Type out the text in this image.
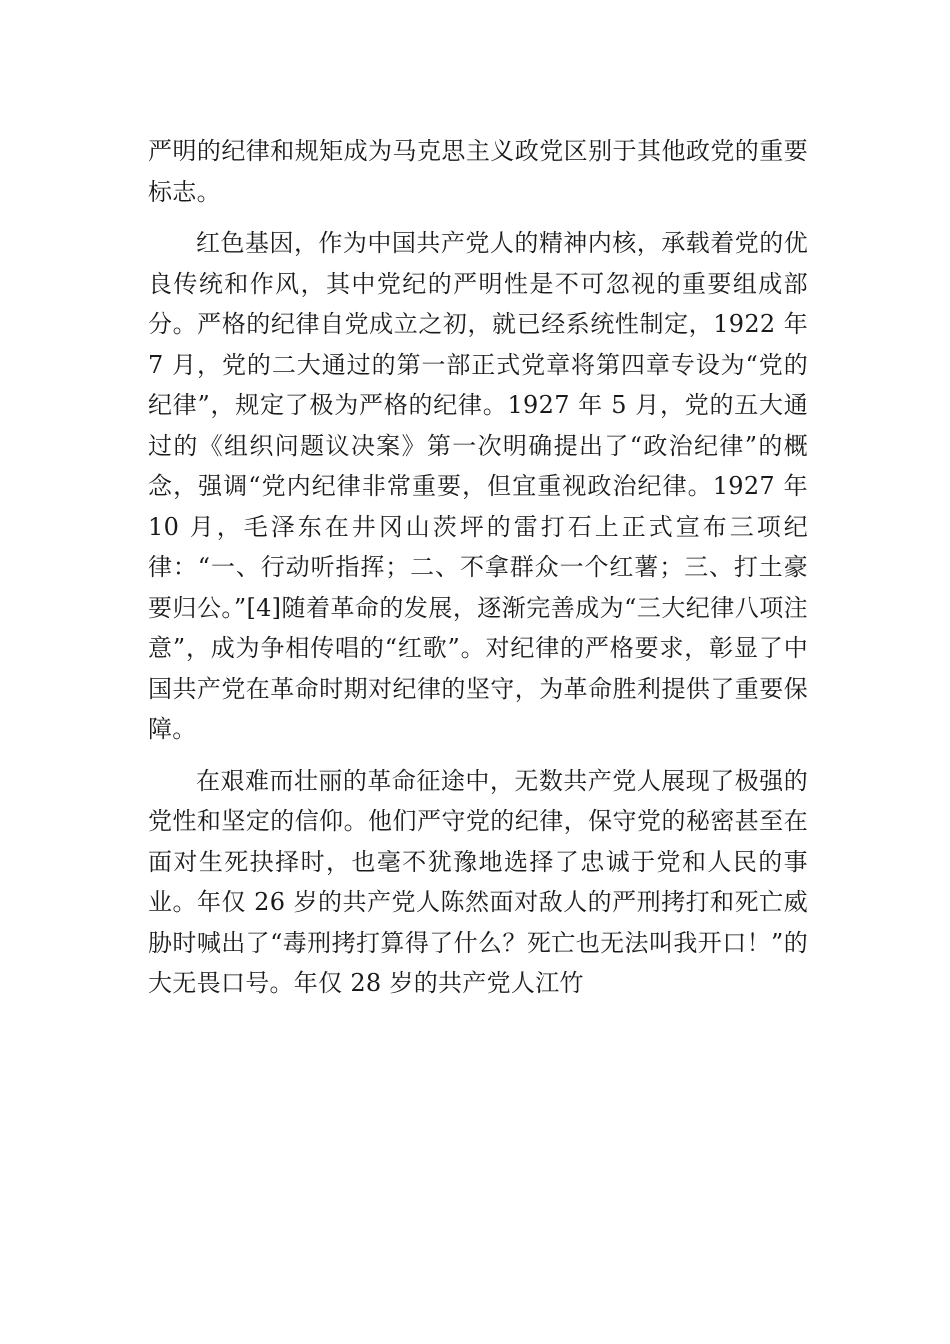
严明的纪律和规矩成为马克思主义政党区别于其他政党的重要标志。

红色基因，作为中国共产党人的精神内核，承载着党的优良传统和作风，其中党纪的严明性是不可忽视的重要组成部分。严格的纪律自党成立之初，就已经系统性制定，1922 年 7 月，党的二大通过的第一部正式党章将第四章专设为“党的纪律”，规定了极为严格的纪律。1927 年 5 月，党的五大通过的《组织问题议决案》第一次明确提出了“政治纪律”的概念，强调“党内纪律非常重要，但宜重视政治纪律。1927 年 10 月，毛泽东在井冈山茨坪的雷打石上正式宣布三项纪律：“一、行动听指挥；二、不拿群众一个红薯；三、打土豪要归公。”[4]随着革命的发展，逐渐完善成为“三大纪律八项注意”，成为争相传唱的“红歌”。对纪律的严格要求，彰显了中国共产党在革命时期对纪律的坚守，为革命胜利提供了重要保障。

在艰难而壮丽的革命征途中，无数共产党人展现了极强的党性和坚定的信仰。他们严守党的纪律，保守党的秘密甚至在面对生死抉择时，也毫不犹豫地选择了忠诚于党和人民的事业。年仅 26 岁的共产党人陈然面对敌人的严刑拷打和死亡威胁时喊出了“毒刑拷打算得了什么？死亡也无法叫我开口！”的大无畏口号。年仅 28 岁的共产党人江竹
